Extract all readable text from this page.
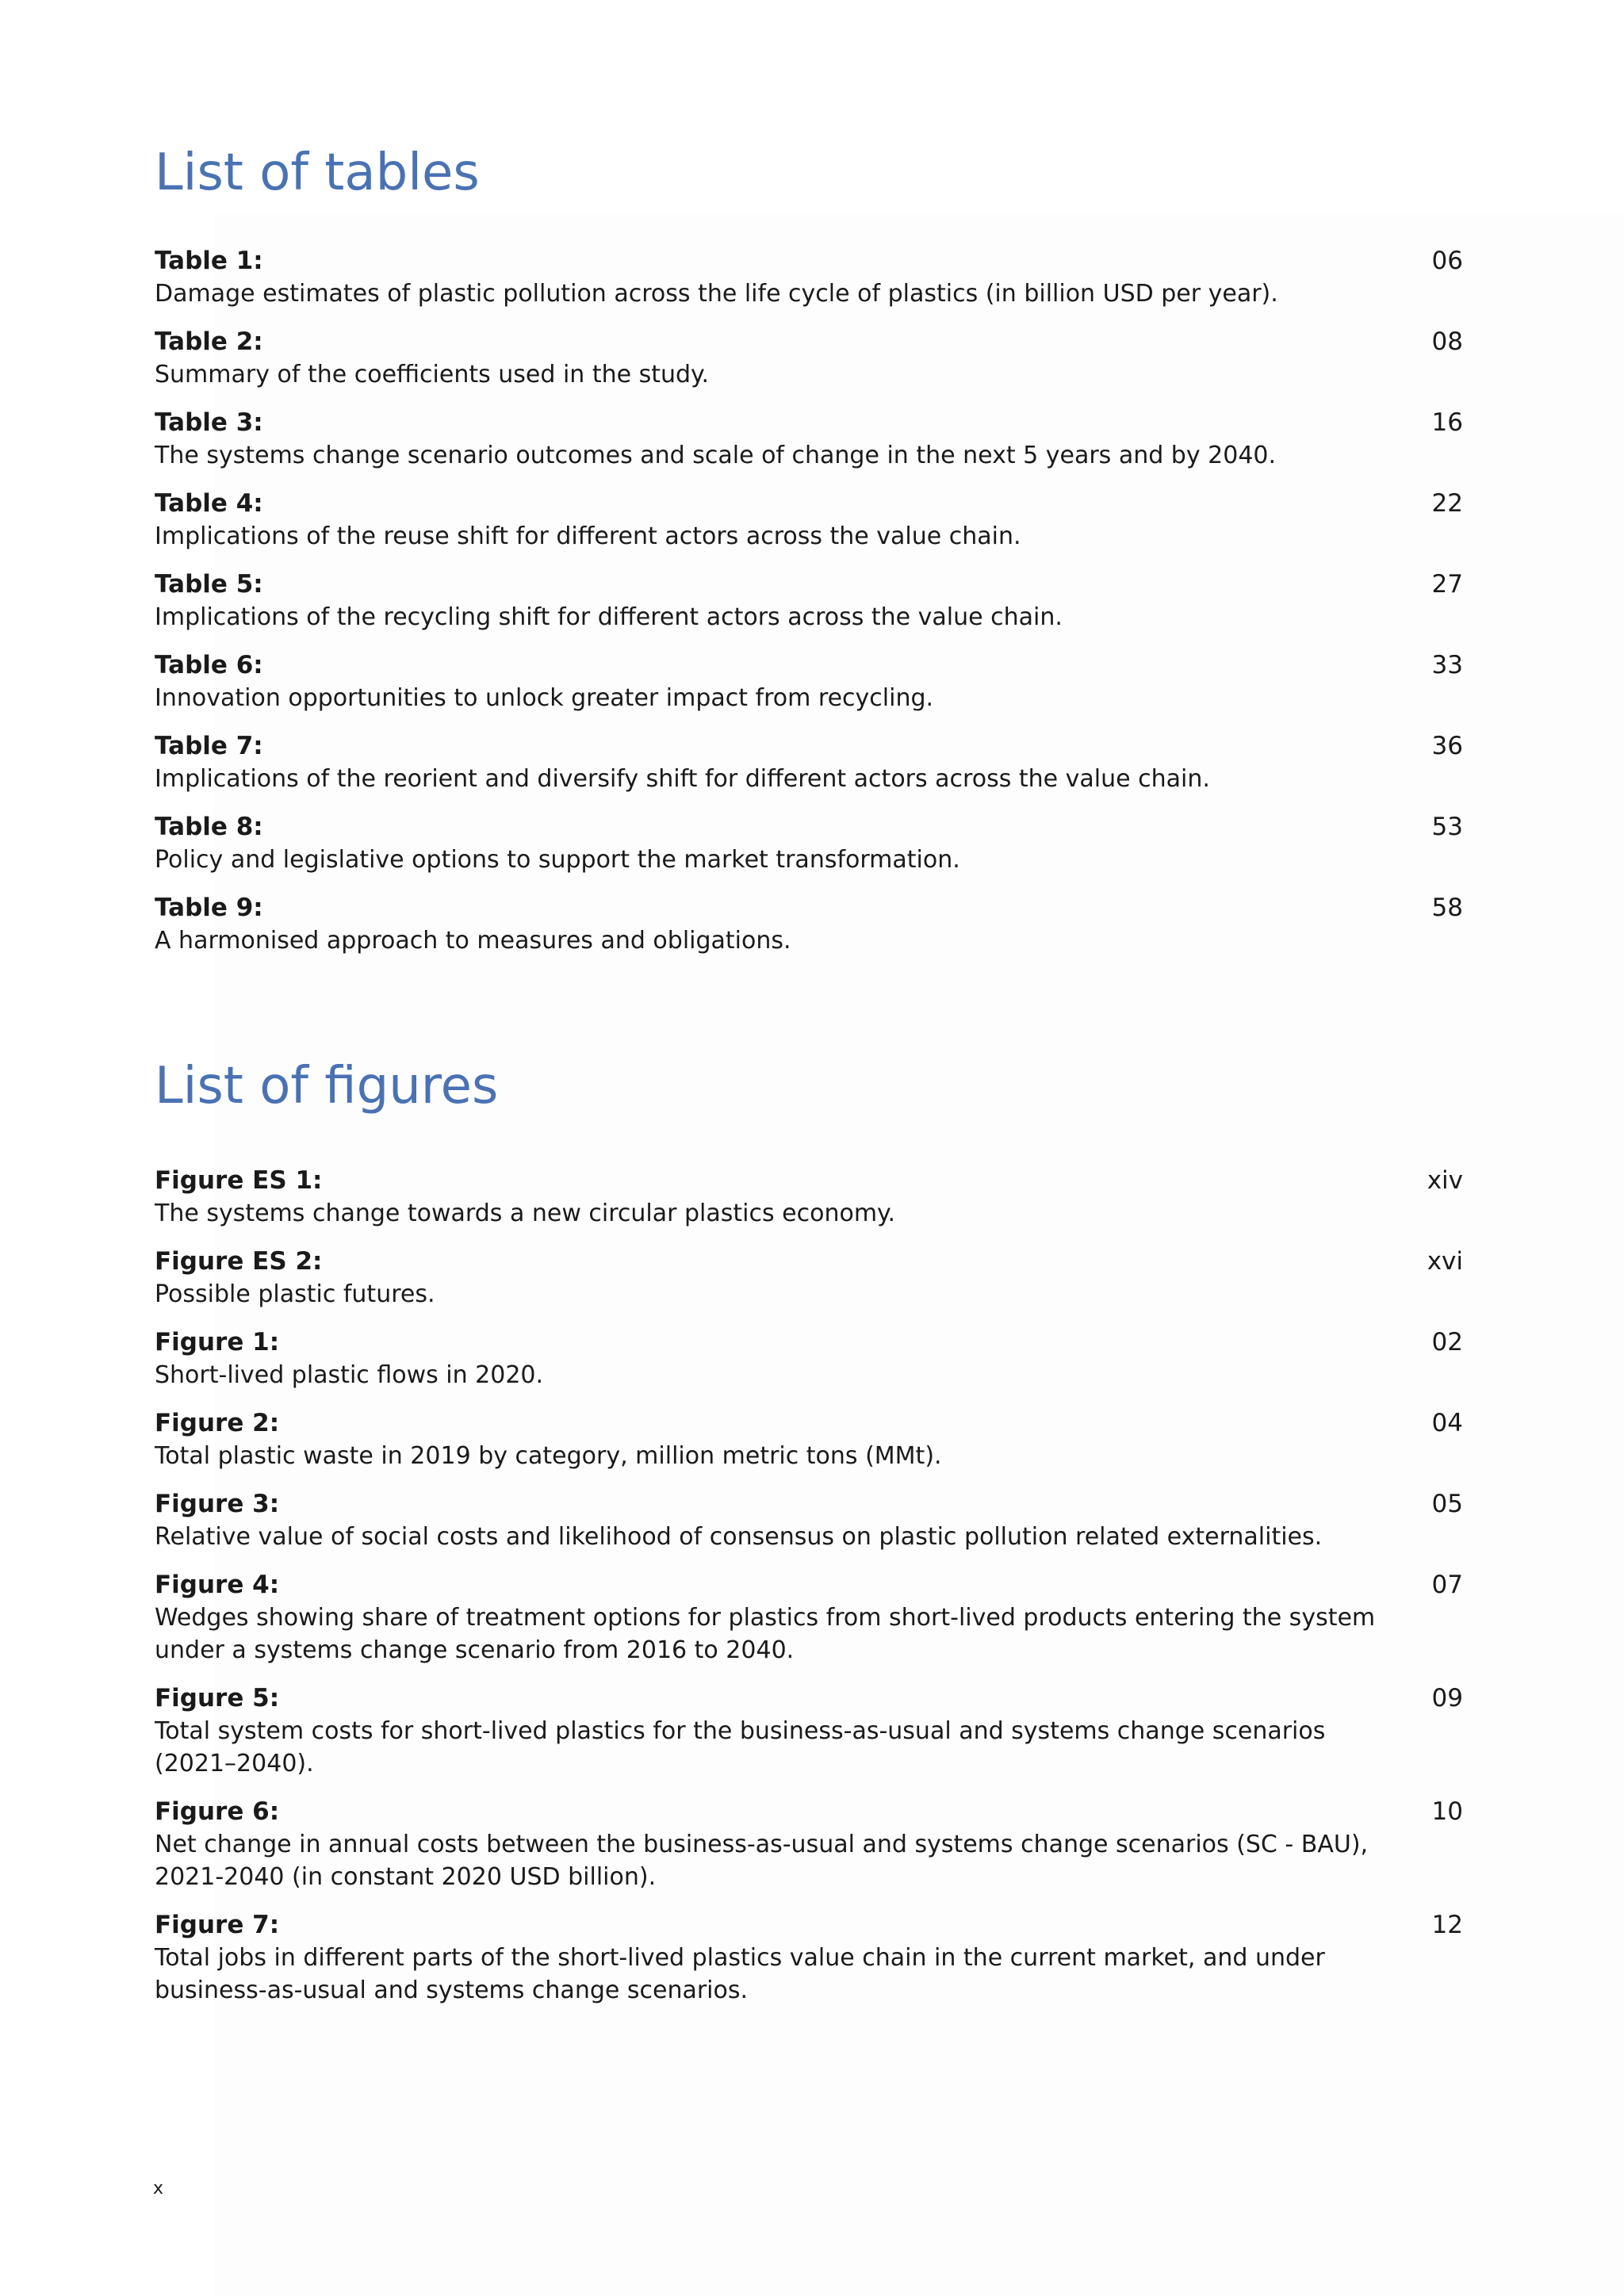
List of tables
Table 1:
Damage estimates of plastic pollution across the life cycle of plastics (in billion USD per year).
06
Table 2:
Summary of the coefficients used in the study.
08
Table 3:
The systems change scenario outcomes and scale of change in the next 5 years and by 2040.
16
Table 4:
Implications of the reuse shift for different actors across the value chain.
22
Table 5:
Implications of the recycling shift for different actors across the value chain.
27
Table 6:
Innovation opportunities to unlock greater impact from recycling.
33
Table 7:
Implications of the reorient and diversify shift for different actors across the value chain.
36
Table 8:
Policy and legislative options to support the market transformation.
53
Table 9:
A harmonised approach to measures and obligations.
58
List of figures
Figure ES 1:
The systems change towards a new circular plastics economy.
xiv
Figure ES 2:
Possible plastic futures.
xvi
Figure 1:
Short-lived plastic flows in 2020.
02
Figure 2:
Total plastic waste in 2019 by category, million metric tons (MMt).
04
Figure 3:
Relative value of social costs and likelihood of consensus on plastic pollution related externalities.
05
Figure 4:
Wedges showing share of treatment options for plastics from short-lived products entering the system under a systems change scenario from 2016 to 2040.
07
Figure 5:
Total system costs for short-lived plastics for the business-as-usual and systems change scenarios (2021–2040).
09
Figure 6:
Net change in annual costs between the business-as-usual and systems change scenarios (SC - BAU), 2021-2040 (in constant 2020 USD billion).
10
Figure 7:
Total jobs in different parts of the short-lived plastics value chain in the current market, and under business-as-usual and systems change scenarios.
12
x
